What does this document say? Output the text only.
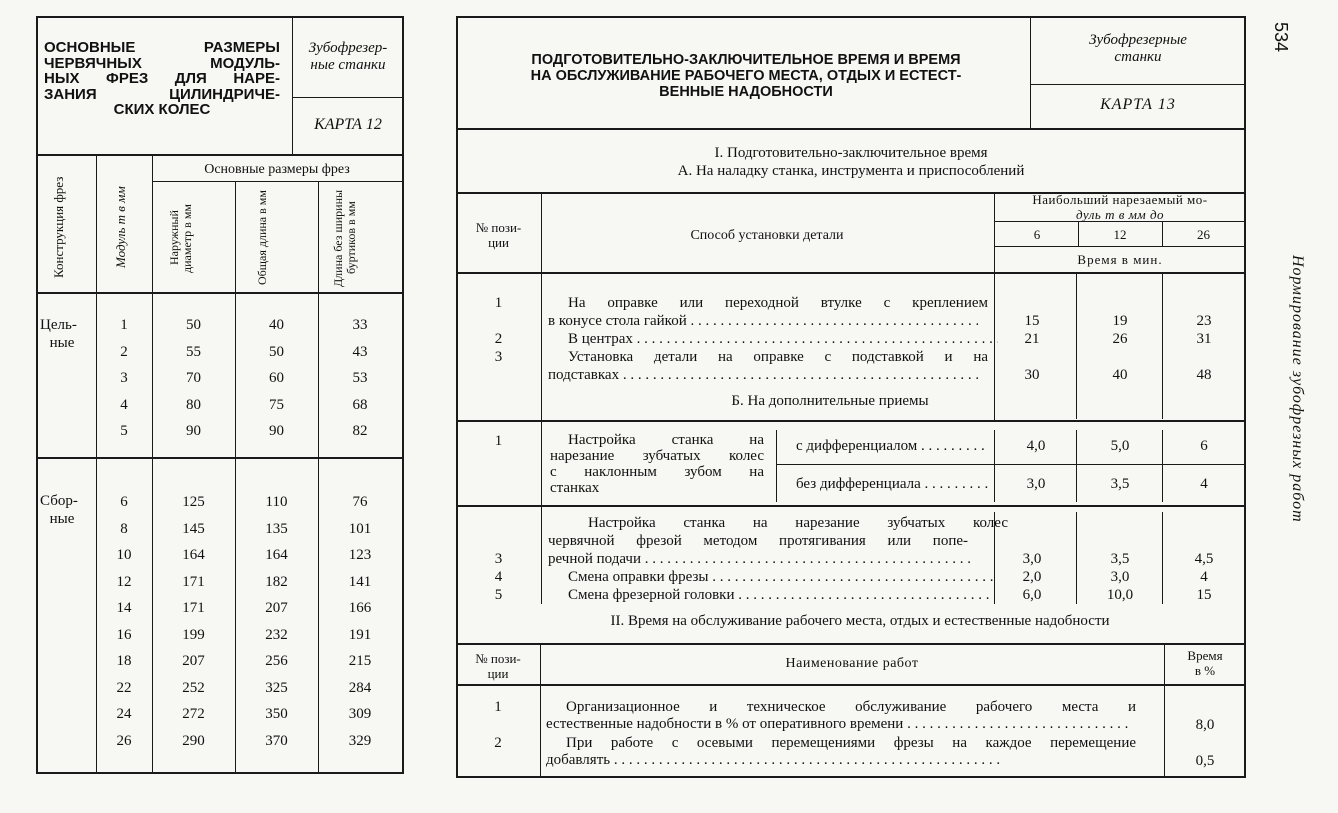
ОСНОВНЫЕ РАЗМЕРЫ
ЧЕРВЯЧНЫХ МОДУЛЬ-
НЫХ ФРЕЗ ДЛЯ НАРЕ-
ЗАНИЯ ЦИЛИНДРИЧЕ-
СКИХ КОЛЕС
Зубофрезер-
ные станки
КАРТА 12
Основные размеры фрез
Конструкция фрез	Модуль m в мм	Наружный диаметр в мм	Общая длина в мм	Длина без ширины буртиков в мм
Цель-
ные
Сбор-
ные
1	50	40	33
2	55	50	43
3	70	60	53
4	80	75	68
5	90	90	82
6	125	110	76
8	145	135	101
10	164	164	123
12	171	182	141
14	171	207	166
16	199	232	191
18	207	256	215
22	252	325	284
24	272	350	309
26	290	370	329
ПОДГОТОВИТЕЛЬНО-ЗАКЛЮЧИТЕЛЬНОЕ ВРЕМЯ И ВРЕМЯ
НА ОБСЛУЖИВАНИЕ РАБОЧЕГО МЕСТА, ОТДЫХ И ЕСТЕСТ-
ВЕННЫЕ НАДОБНОСТИ
Зубофрезерные
станки
КАРТА 13
I. Подготовительно-заключительное время
А. На наладку станка, инструмента и приспособлений
№ пози-
ции	Способ установки детали
Наибольший нарезаемый мо-
дуль m в мм до
6	12	26
Время в мин.
1	На оправке или переходной втулке с креплением
в конусе стола гайкой . . .	15	19	23
2	В центрах . . .	21	26	31
3	Установка детали на оправке с подставкой и на
подставках . . .	30	40	48
Б. На дополнительные приемы
1	Настройка станка на
нарезание зубчатых колес
с наклонным зубом на
станках
с дифференциалом . . .
без дифференциала . . .
4,0	5,0	6
3,0	3,5	4
3
Настройка станка на нарезание зубчатых колес
червячной фрезой методом протягивания или попе-
речной подачи . . .	3,0	3,5	4,5
4	Смена оправки фрезы . . .	2,0	3,0	4
5	Смена фрезерной головки . . .	6,0	10,0	15
II. Время на обслуживание рабочего места, отдых и естественные надобности
№ пози-
ции
Наименование работ
Время
в %
1	Организационное и техническое обслуживание рабочего места и
естественные надобности в % от оперативного времени . . .	8,0
2	При работе с осевыми перемещениями фрезы на каждое перемещение
добавлять . . .	0,5
534
Нормирование зубофрезных работ
